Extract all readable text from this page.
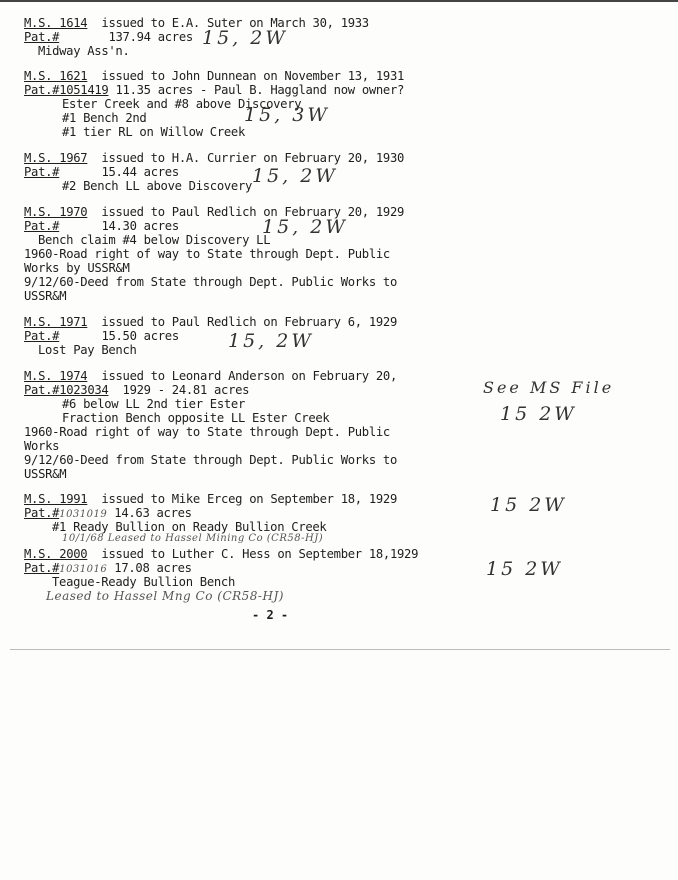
M.S. 1614 issued to E.A. Suter on March 30, 1933
Pat.#	137.94 acres
Midway Ass'n.
15, 2W
M.S. 1621 issued to John Dunnean on November 13, 1931
Pat.#1051419 11.35 acres - Paul B. Haggland now owner?
Ester Creek and #8 above Discovery
#1 Bench 2nd
#1 tier RL on Willow Creek
15, 3W
M.S. 1967 issued to H.A. Currier on February 20, 1930
Pat.#	15.44 acres
#2 Bench LL above Discovery 15, 2W
M.S. 1970 issued to Paul Redlich on February 20, 1929
Pat.#	14.30 acres
Bench claim #4 below Discovery LL
1960-Road right of way to State through Dept. Public
Works by USSR&M
9/12/60-Deed from State through Dept. Public Works to
USSR&M
15, 2W
M.S. 1971 issued to Paul Redlich on February 6, 1929
Pat.#	15.50 acres
Lost Pay Bench	15, 2W
M.S. 1974 issued to Leonard Anderson on February 20,
Pat.#1023034 1929 - 24.81 acres
#6 below LL 2nd tier Ester
Fraction Bench opposite LL Ester Creek
1960-Road right of way to State through Dept. Public
Works
9/12/60-Deed from State through Dept. Public Works to
USSR&M
See MS File
15 2W
M.S. 1991 issued to Mike Erceg on September 18, 1929
Pat.#1031019 14.63 acres
#1 Ready Bullion on Ready Bullion Creek
10/1/68 Leased to Hassel Mining Co (CR58-HJ)
15 2W
M.S. 2000 issued to Luther C. Hess on September 18,1929
Pat.#1031016 17.08 acres
Teague-Ready Bullion Bench
Leased to Hassel Mng Co (CR58-HJ)
15 2W
- 2 -
